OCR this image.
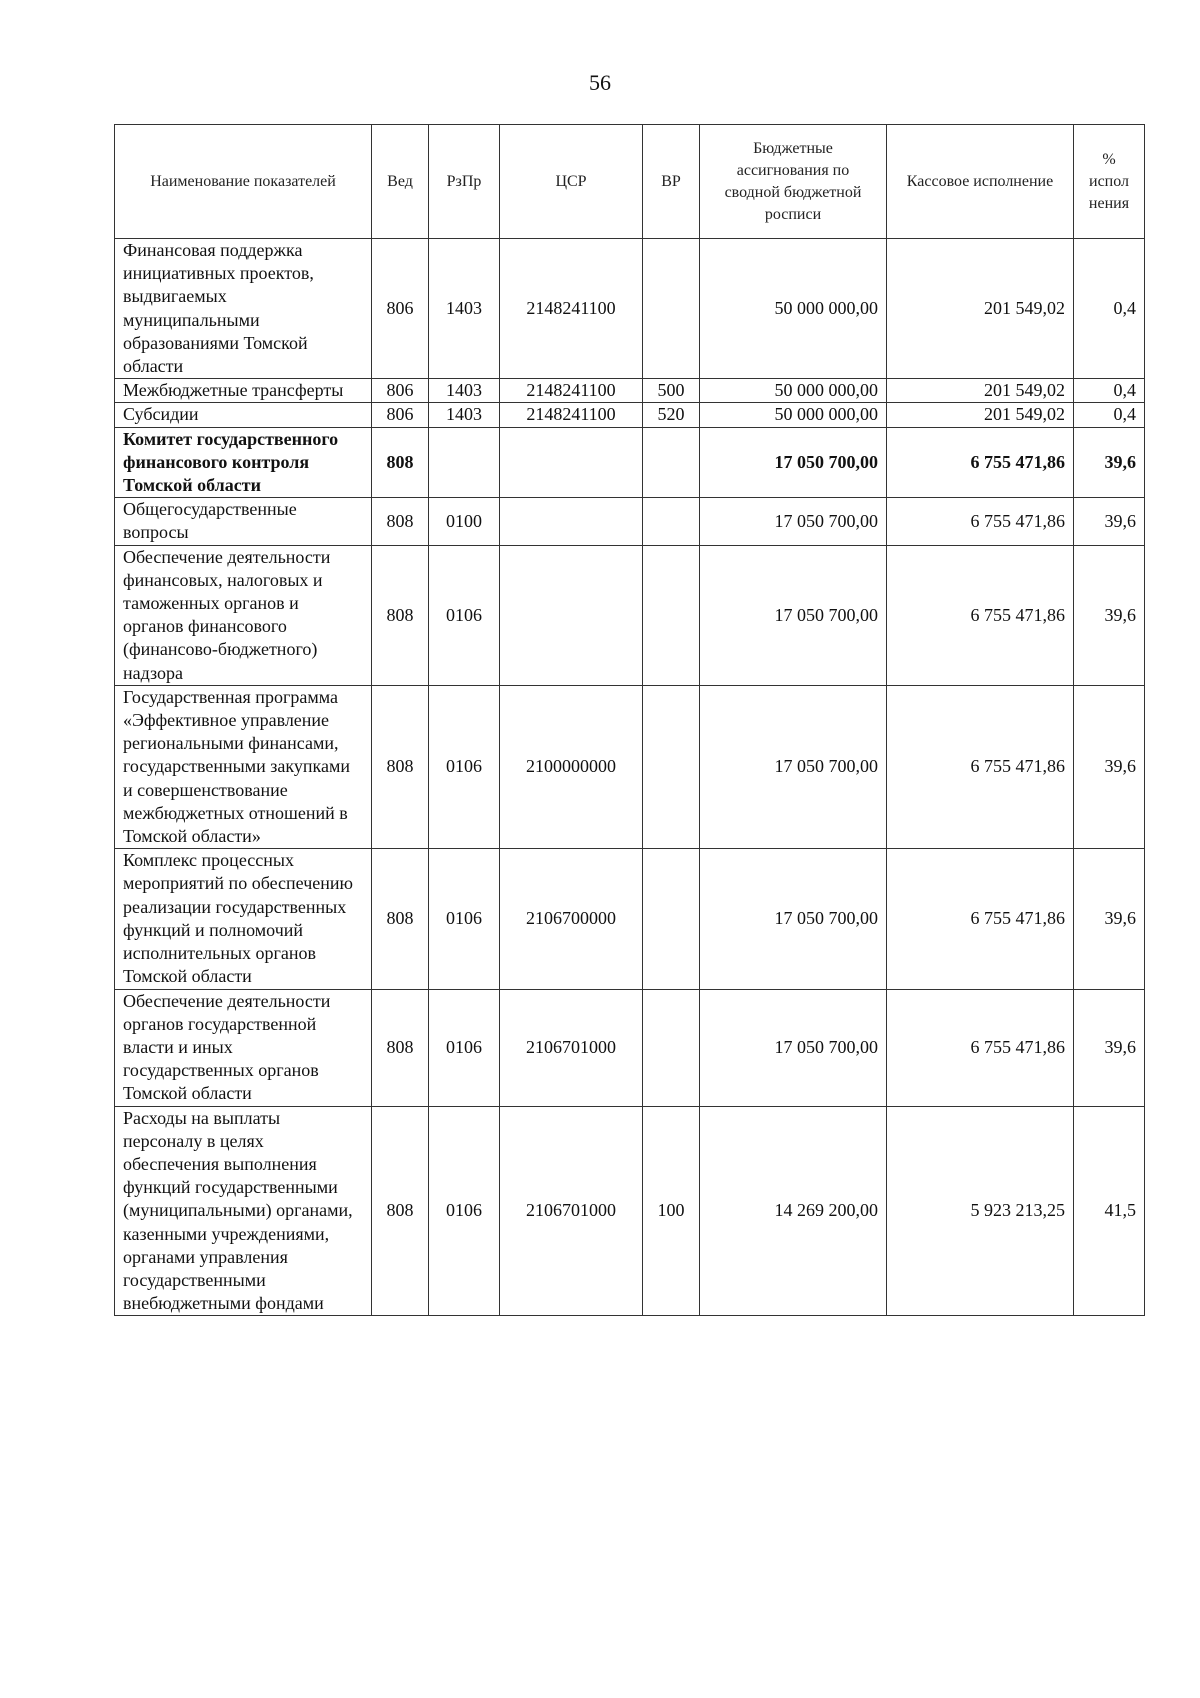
56
Наименование показателей	Вед	РзПр	ЦСР	ВР	Бюджетные ассигнования по сводной бюджетной росписи	Кассовое исполнение	% испол нения
Финансовая поддержка инициативных проектов, выдвигаемых муниципальными образованиями Томской области	806	1403	2148241100		50 000 000,00	201 549,02	0,4
Межбюджетные трансферты	806	1403	2148241100	500	50 000 000,00	201 549,02	0,4
Субсидии	806	1403	2148241100	520	50 000 000,00	201 549,02	0,4
Комитет государственного финансового контроля Томской области	808				17 050 700,00	6 755 471,86	39,6
Общегосударственные вопросы	808	0100			17 050 700,00	6 755 471,86	39,6
Обеспечение деятельности финансовых, налоговых и таможенных органов и органов финансового (финансово-бюджетного) надзора	808	0106			17 050 700,00	6 755 471,86	39,6
Государственная программа «Эффективное управление региональными финансами, государственными закупками и совершенствование межбюджетных отношений в Томской области»	808	0106	2100000000		17 050 700,00	6 755 471,86	39,6
Комплекс процессных мероприятий по обеспечению реализации государственных функций и полномочий исполнительных органов Томской области	808	0106	2106700000		17 050 700,00	6 755 471,86	39,6
Обеспечение деятельности органов государственной власти и иных государственных органов Томской области	808	0106	2106701000		17 050 700,00	6 755 471,86	39,6
Расходы на выплаты персоналу в целях обеспечения выполнения функций государственными (муниципальными) органами, казенными учреждениями, органами управления государственными внебюджетными фондами	808	0106	2106701000	100	14 269 200,00	5 923 213,25	41,5
